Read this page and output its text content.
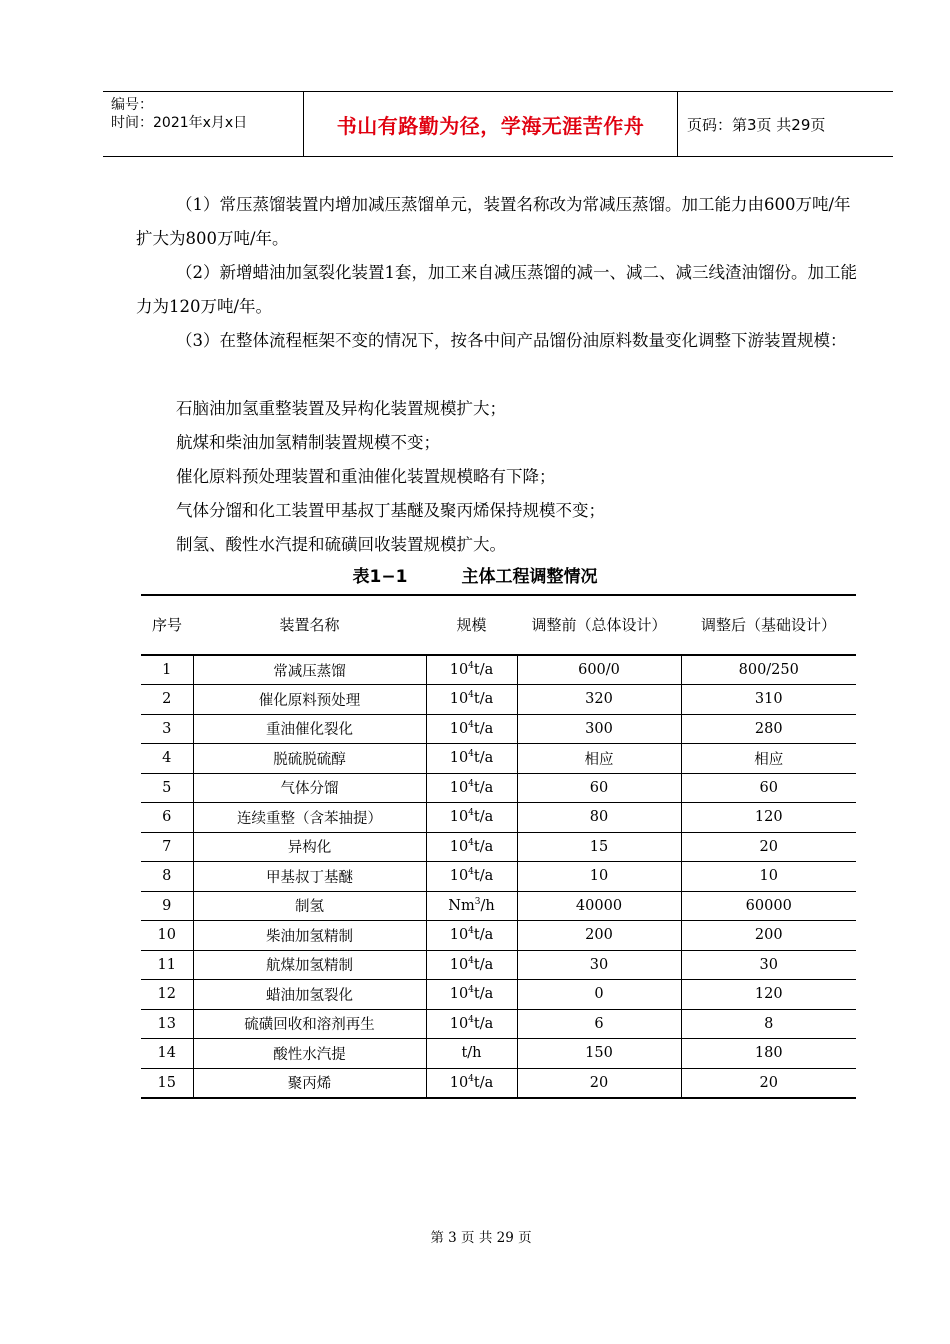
编号：
时间：2021年x月x日	书山有路勤为径，学海无涯苦作舟	页码：第3页 共29页
（1）常压蒸馏装置内增加减压蒸馏单元，装置名称改为常减压蒸馏。加工能力由600万吨/年扩大为800万吨/年。
（2）新增蜡油加氢裂化装置1套，加工来自减压蒸馏的减一、减二、减三线渣油馏份。加工能力为120万吨/年。
（3）在整体流程框架不变的情况下，按各中间产品馏份油原料数量变化调整下游装置规模：
石脑油加氢重整装置及异构化装置规模扩大；
航煤和柴油加氢精制装置规模不变；
催化原料预处理装置和重油催化装置规模略有下降；
气体分馏和化工装置甲基叔丁基醚及聚丙烯保持规模不变；
制氢、酸性水汽提和硫磺回收装置规模扩大。
表1−1	主体工程调整情况
序号	装置名称	规模	调整前（总体设计）	调整后（基础设计）
1	常减压蒸馏	$10^4t/a$	600/0	800/250
2	催化原料预处理	$10^4t/a$	320	310
3	重油催化裂化	$10^4t/a$	300	280
4	脱硫脱硫醇	$10^4t/a$	相应	相应
5	气体分馏	$10^4t/a$	60	60
6	连续重整（含苯抽提）	$10^4t/a$	80	120
7	异构化	$10^4t/a$	15	20
8	甲基叔丁基醚	$10^4t/a$	10	10
9	制氢	Nm$^3$/h	40000	60000
10	柴油加氢精制	$10^4t/a$	200	200
11	航煤加氢精制	$10^4t/a$	30	30
12	蜡油加氢裂化	$10^4t/a$	0	120
13	硫磺回收和溶剂再生	$10^4t/a$	6	8
14	酸性水汽提	t/h	150	180
15	聚丙烯	$10^4t/a$	20	20
第 3 页 共 29 页
